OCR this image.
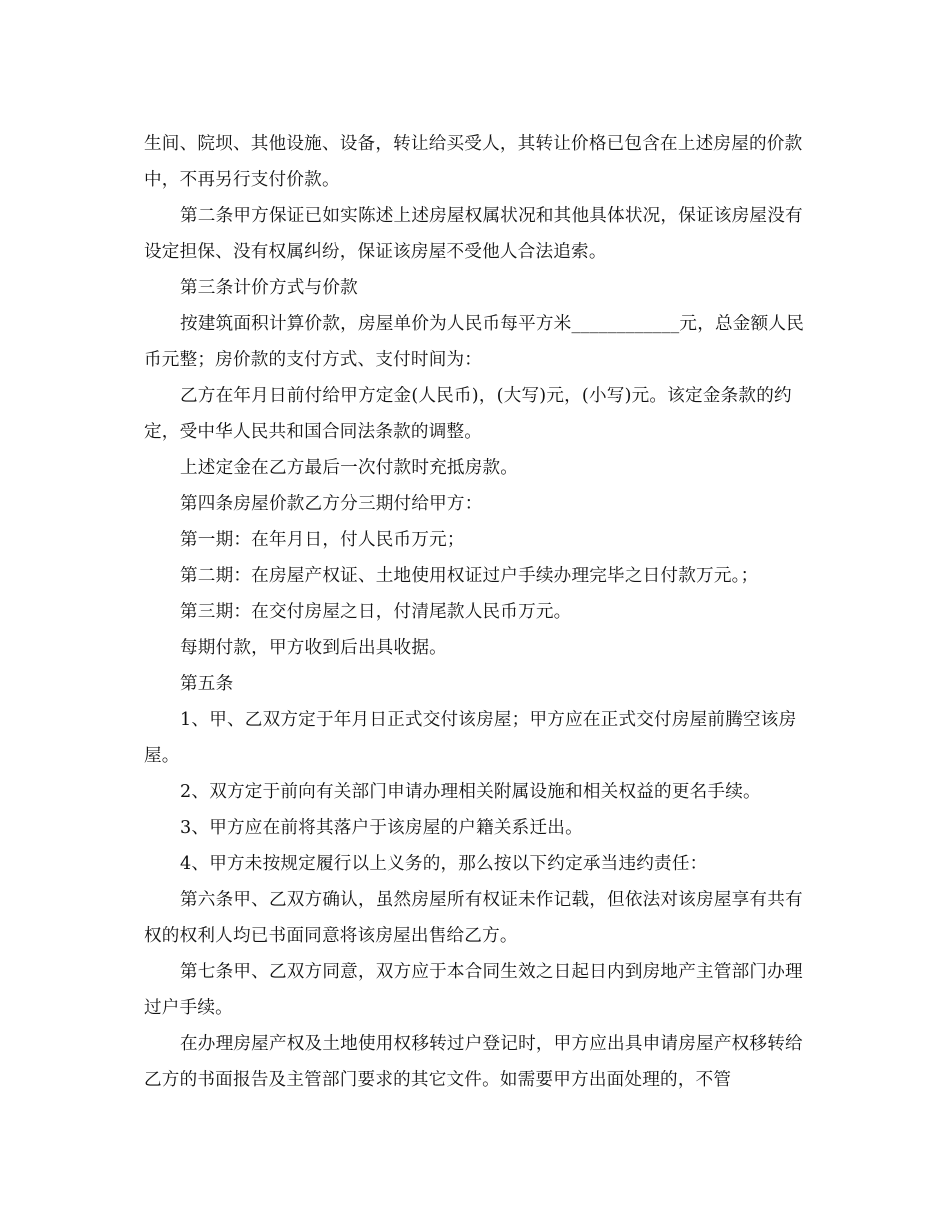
生间、院坝、其他设施、设备，转让给买受人，其转让价格已包含在上述房屋的价款中，不再另行支付价款。

第二条甲方保证已如实陈述上述房屋权属状况和其他具体状况，保证该房屋没有设定担保、没有权属纠纷，保证该房屋不受他人合法追索。

第三条计价方式与价款

按建筑面积计算价款，房屋单价为人民币每平方米____________元，总金额人民币元整；房价款的支付方式、支付时间为：

乙方在年月日前付给甲方定金(人民币)，(大写)元，(小写)元。该定金条款的约定，受中华人民共和国合同法条款的调整。

上述定金在乙方最后一次付款时充抵房款。

第四条房屋价款乙方分三期付给甲方：

第一期：在年月日，付人民币万元；

第二期：在房屋产权证、土地使用权证过户手续办理完毕之日付款万元。；

第三期：在交付房屋之日，付清尾款人民币万元。

每期付款，甲方收到后出具收据。

第五条

1、甲、乙双方定于年月日正式交付该房屋；甲方应在正式交付房屋前腾空该房屋。

2、双方定于前向有关部门申请办理相关附属设施和相关权益的更名手续。

3、甲方应在前将其落户于该房屋的户籍关系迁出。

4、甲方未按规定履行以上义务的，那么按以下约定承当违约责任：

第六条甲、乙双方确认，虽然房屋所有权证未作记载，但依法对该房屋享有共有权的权利人均已书面同意将该房屋出售给乙方。

第七条甲、乙双方同意，双方应于本合同生效之日起日内到房地产主管部门办理过户手续。

在办理房屋产权及土地使用权移转过户登记时，甲方应出具申请房屋产权移转给乙方的书面报告及主管部门要求的其它文件。如需要甲方出面处理的，不管
